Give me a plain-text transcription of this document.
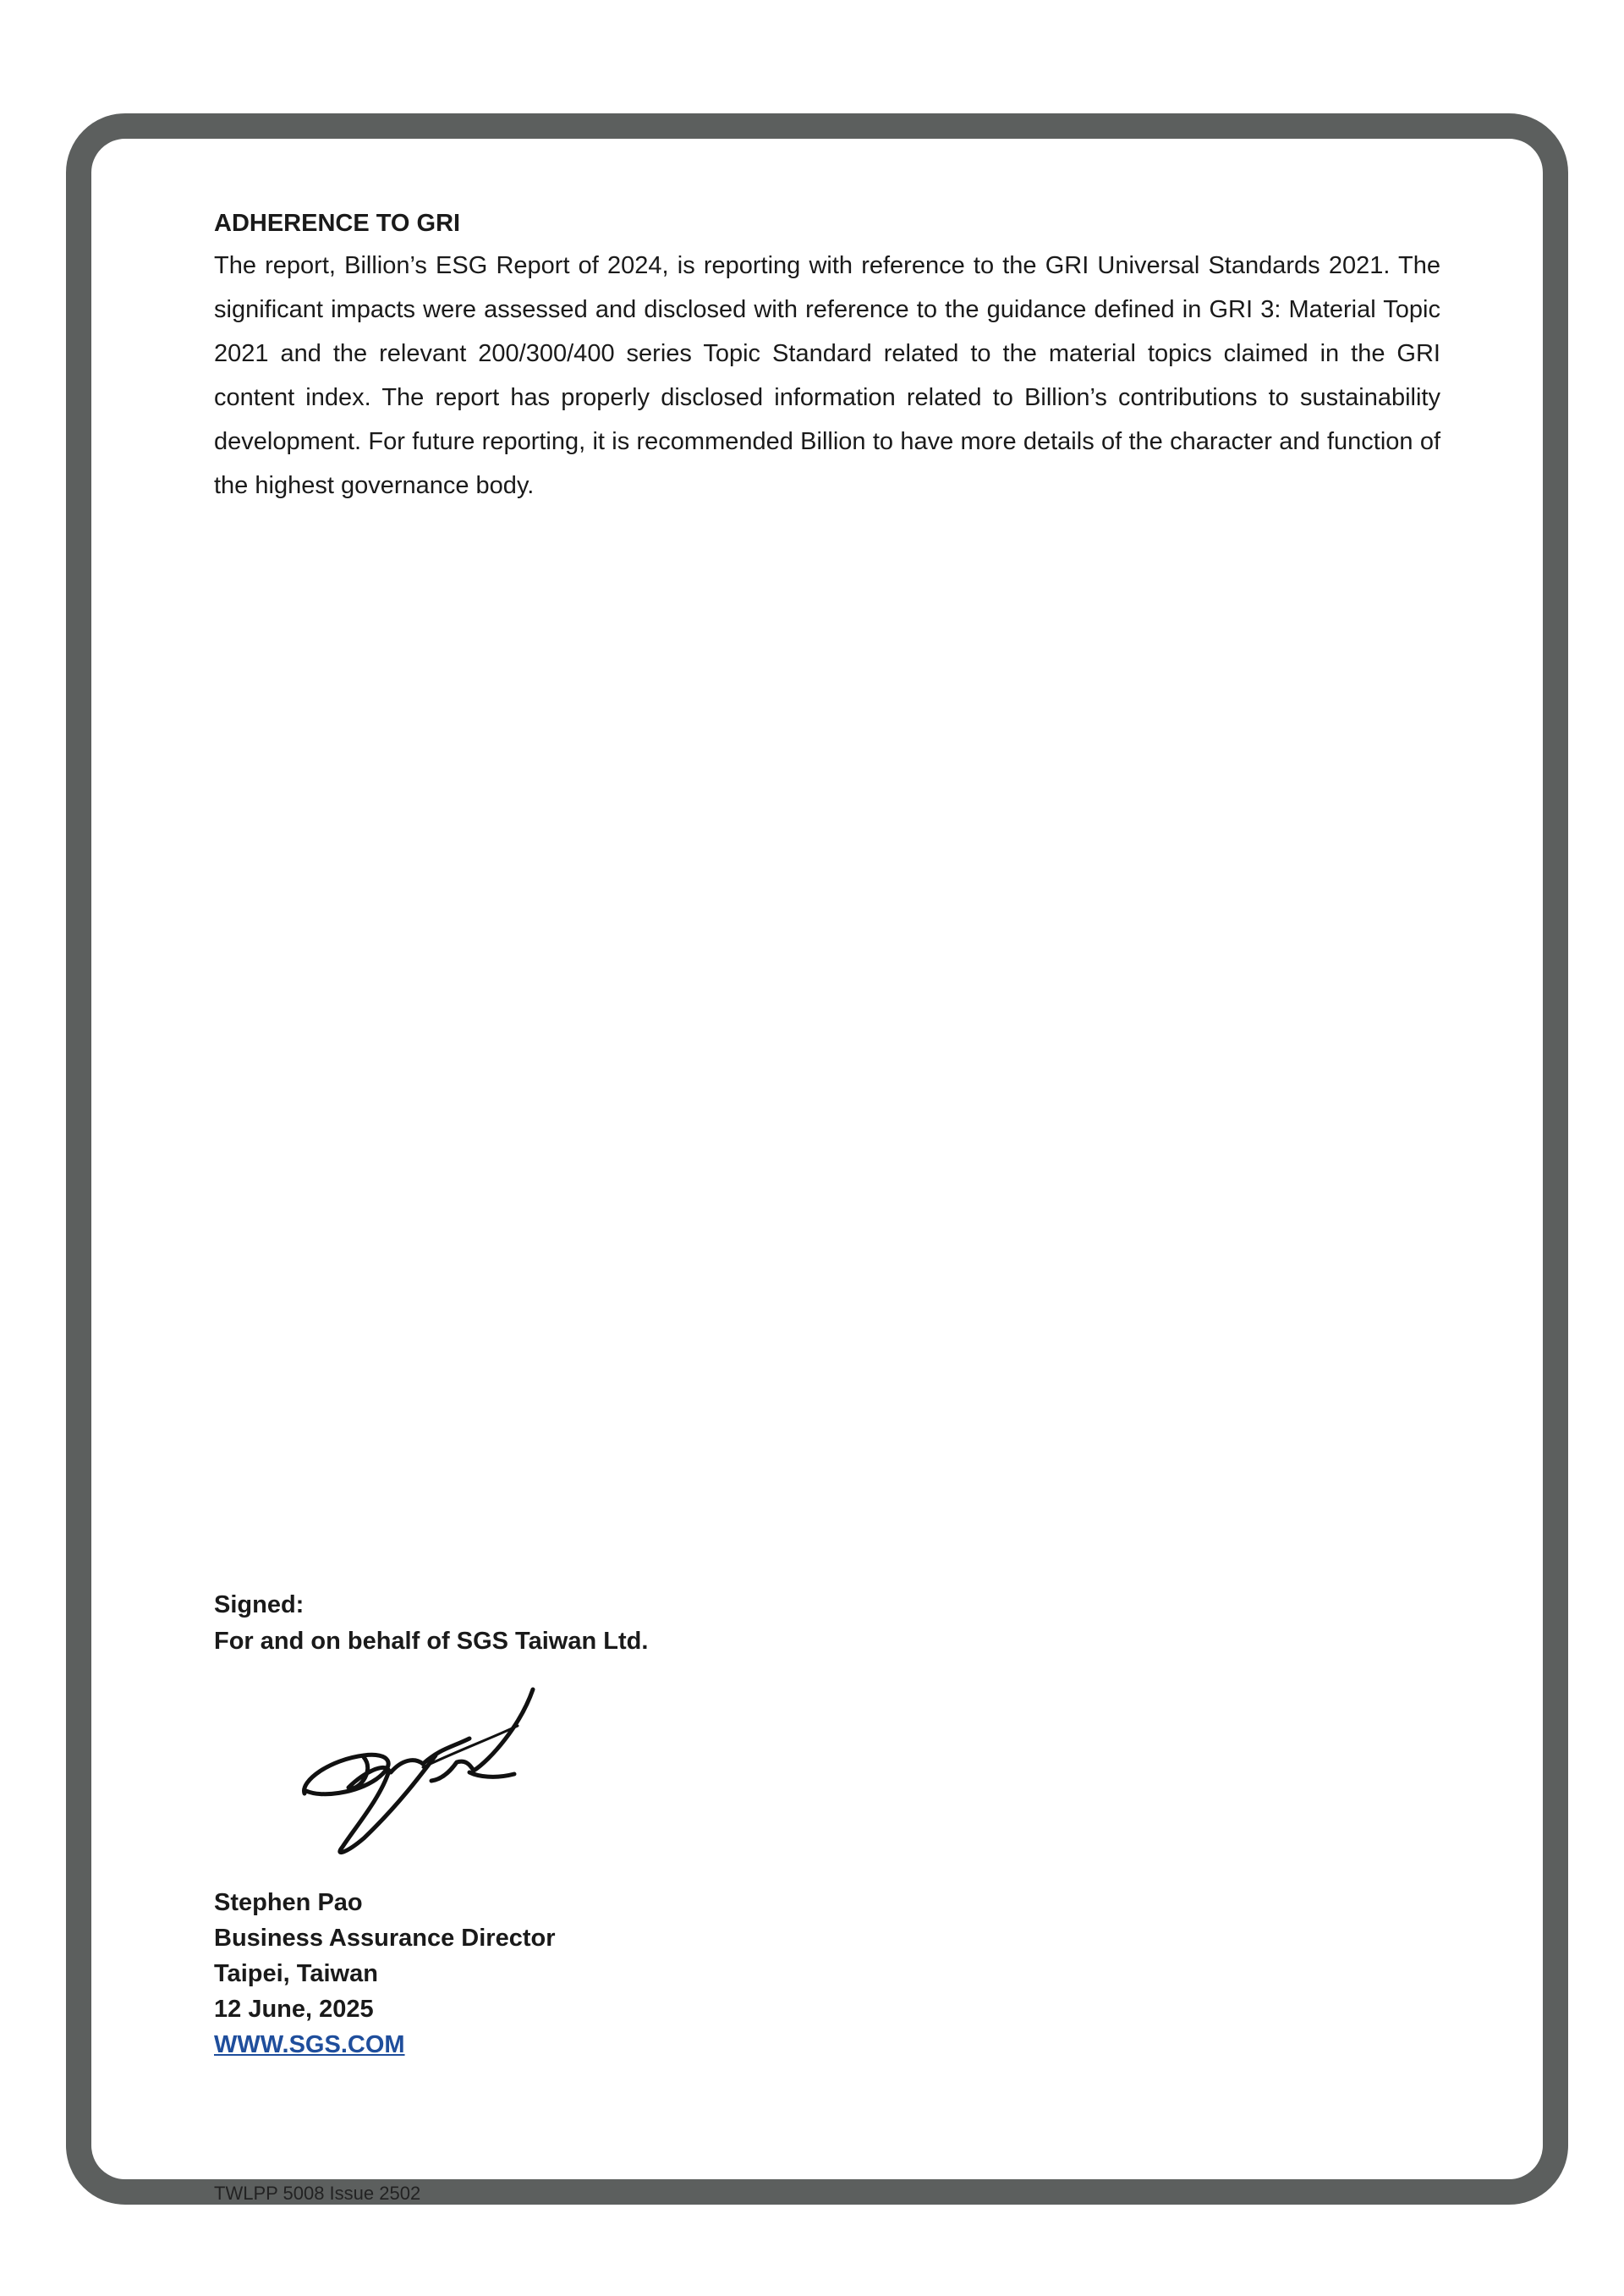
ADHERENCE TO GRI

The report, Billion’s ESG Report of 2024, is reporting with reference to the GRI Universal Standards 2021. The significant impacts were assessed and disclosed with reference to the guidance defined in GRI 3: Material Topic 2021 and the relevant 200/300/400 series Topic Standard related to the material topics claimed in the GRI content index. The report has properly disclosed information related to Billion’s contributions to sustainability development. For future reporting, it is recommended Billion to have more details of the character and function of the highest governance body.

Signed:
For and on behalf of SGS Taiwan Ltd.
Stephen Pao
Business Assurance Director
Taipei, Taiwan
12 June, 2025
WWW.SGS.COM
TWLPP 5008 Issue 2502
